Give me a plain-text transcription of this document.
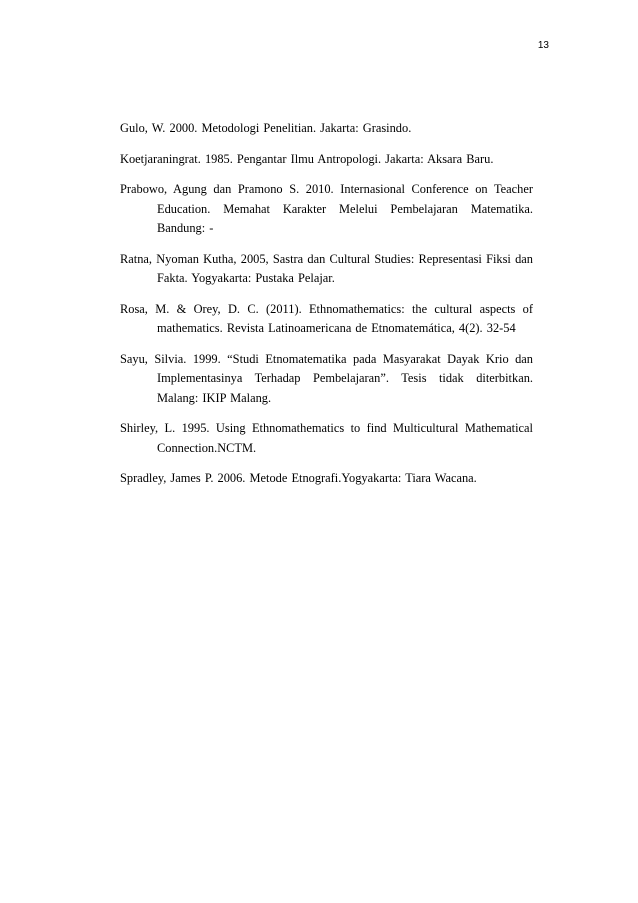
13
Gulo, W. 2000. Metodologi Penelitian. Jakarta: Grasindo.
Koetjaraningrat. 1985. Pengantar Ilmu Antropologi. Jakarta: Aksara Baru.
Prabowo, Agung dan Pramono S. 2010. Internasional Conference on Teacher Education. Memahat Karakter Melelui Pembelajaran Matematika. Bandung: -
Ratna, Nyoman Kutha, 2005, Sastra dan Cultural Studies: Representasi Fiksi dan Fakta. Yogyakarta: Pustaka Pelajar.
Rosa, M. & Orey, D. C. (2011). Ethnomathematics: the cultural aspects of mathematics. Revista Latinoamericana de Etnomatemática, 4(2). 32-54
Sayu, Silvia. 1999. “Studi Etnomatematika pada Masyarakat Dayak Krio dan Implementasinya Terhadap Pembelajaran”. Tesis tidak diterbitkan. Malang: IKIP Malang.
Shirley, L. 1995. Using Ethnomathematics to find Multicultural Mathematical Connection.NCTM.
Spradley, James P. 2006. Metode Etnografi.Yogyakarta: Tiara Wacana.
